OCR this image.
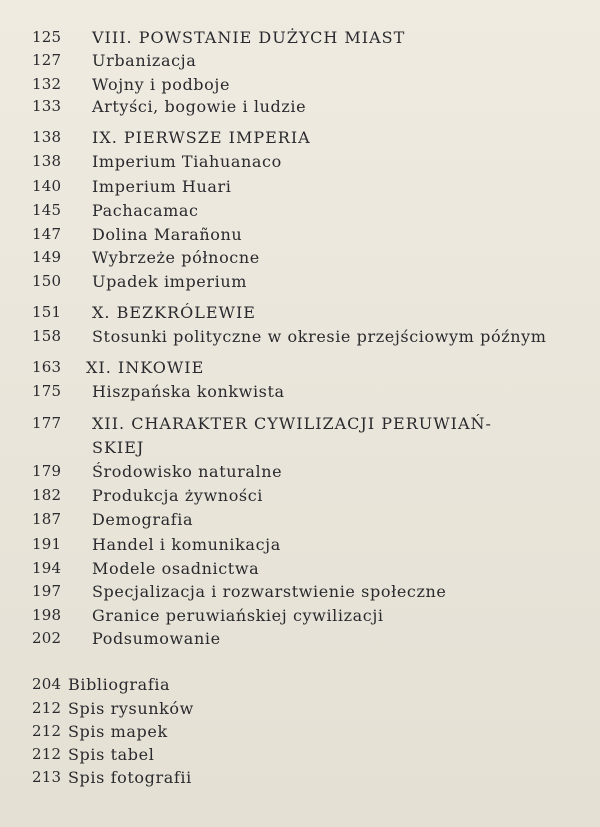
125 VIII. POWSTANIE DUŻYCH MIAST
127 Urbanizacja
132 Wojny i podboje
133 Artyści, bogowie i ludzie
138 IX. PIERWSZE IMPERIA
138 Imperium Tiahuanaco
140 Imperium Huari
145 Pachacamac
147 Dolina Marañonu
149 Wybrzeże północne
150 Upadek imperium
151 X. BEZKRÓLEWIE
158 Stosunki polityczne w okresie przejściowym późnym
163 XI. INKOWIE
175 Hiszpańska konkwista
177 XII. CHARAKTER CYWILIZACJI PERUWIAŃ-
179 Środowisko naturalne
182 Produkcja żywności
187 Demografia
191 Handel i komunikacja
194 Modele osadnictwa
197 Specjalizacja i rozwarstwienie społeczne
198 Granice peruwiańskiej cywilizacji
202 Podsumowanie
204 Bibliografia
212 Spis rysunków
212 Spis mapek
212 Spis tabel
213 Spis fotografii
SKIEJ
